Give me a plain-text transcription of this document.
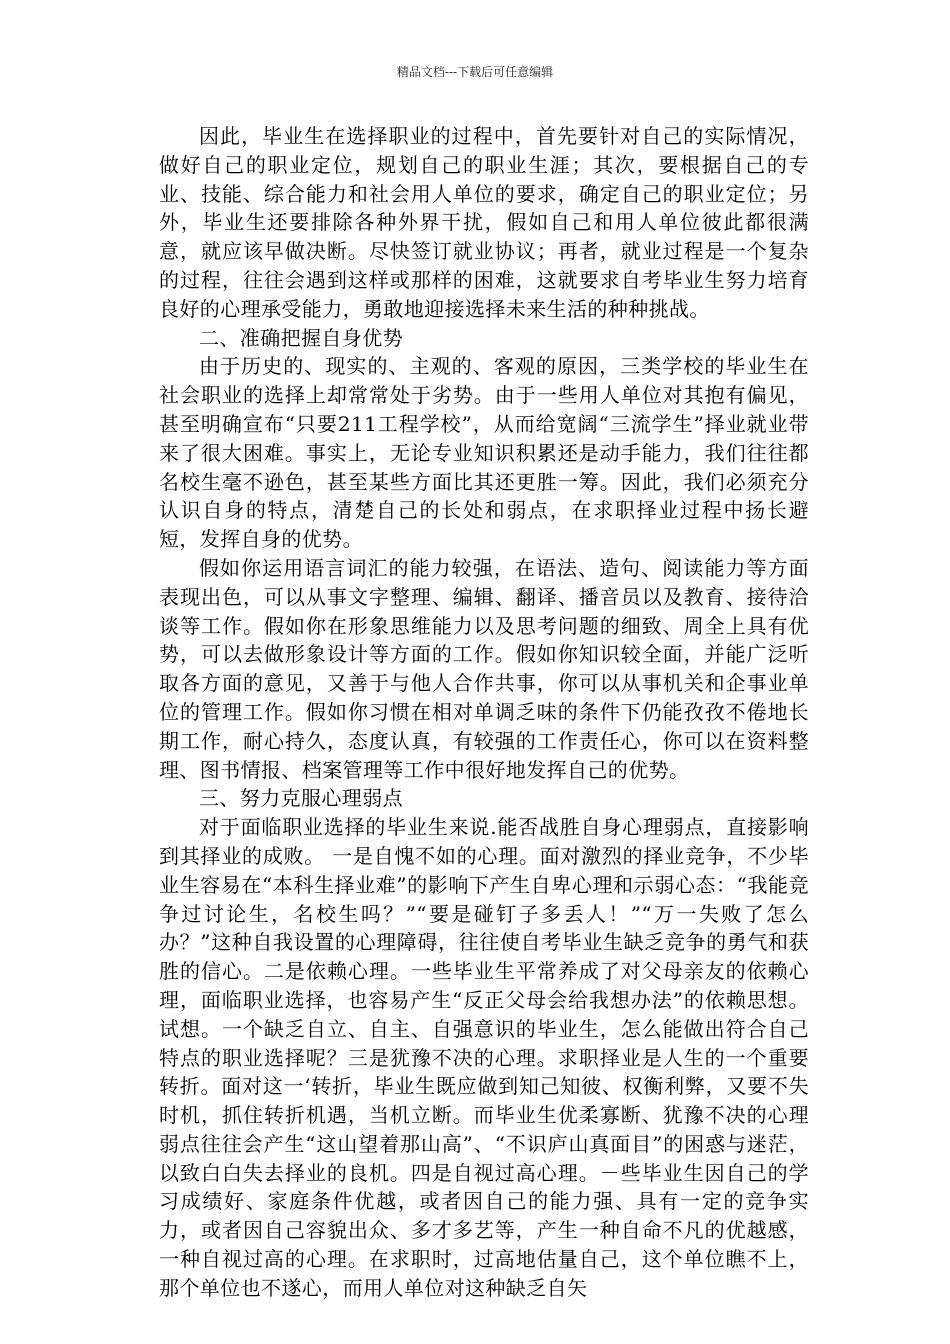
精品文档---下载后可任意编辑

因此，毕业生在选择职业的过程中，首先要针对自己的实际情况，做好自己的职业定位，规划自己的职业生涯；其次，要根据自己的专业、技能、综合能力和社会用人单位的要求，确定自己的职业定位；另外，毕业生还要排除各种外界干扰，假如自己和用人单位彼此都很满意，就应该早做决断。尽快签订就业协议；再者，就业过程是一个复杂的过程，往往会遇到这样或那样的困难，这就要求自考毕业生努力培育良好的心理承受能力，勇敢地迎接选择未来生活的种种挑战。

二、准确把握自身优势

由于历史的、现实的、主观的、客观的原因，三类学校的毕业生在社会职业的选择上却常常处于劣势。由于一些用人单位对其抱有偏见，甚至明确宣布“只要211工程学校”，从而给宽阔“三流学生”择业就业带来了很大困难。事实上，无论专业知识积累还是动手能力，我们往往都名校生毫不逊色，甚至某些方面比其还更胜一筹。因此，我们必须充分认识自身的特点，清楚自己的长处和弱点，在求职择业过程中扬长避短，发挥自身的优势。

假如你运用语言词汇的能力较强，在语法、造句、阅读能力等方面表现出色，可以从事文字整理、编辑、翻译、播音员以及教育、接待洽谈等工作。假如你在形象思维能力以及思考问题的细致、周全上具有优势，可以去做形象设计等方面的工作。假如你知识较全面，并能广泛听取各方面的意见，又善于与他人合作共事，你可以从事机关和企事业单位的管理工作。假如你习惯在相对单调乏味的条件下仍能孜孜不倦地长期工作，耐心持久，态度认真，有较强的工作责任心，你可以在资料整理、图书情报、档案管理等工作中很好地发挥自己的优势。

三、努力克服心理弱点

对于面临职业选择的毕业生来说.能否战胜自身心理弱点，直接影响到其择业的成败。 一是自愧不如的心理。面对激烈的择业竞争，不少毕业生容易在“本科生择业难”的影响下产生自卑心理和示弱心态：“我能竞争过讨论生，名校生吗？”“要是碰钉子多丢人！”“万一失败了怎么办？”这种自我设置的心理障碍，往往使自考毕业生缺乏竞争的勇气和获胜的信心。二是依赖心理。一些毕业生平常养成了对父母亲友的依赖心理，面临职业选择，也容易产生“反正父母会给我想办法”的依赖思想。试想。一个缺乏自立、自主、自强意识的毕业生，怎么能做出符合自己特点的职业选择呢？三是犹豫不决的心理。求职择业是人生的一个重要转折。面对这一‘转折，毕业生既应做到知己知彼、权衡利弊，又要不失时机，抓住转折机遇，当机立断。而毕业生优柔寡断、犹豫不决的心理弱点往往会产生“这山望着那山高”、“不识庐山真面目”的困惑与迷茫，以致白白失去择业的良机。四是自视过高心理。－些毕业生因自己的学习成绩好、家庭条件优越，或者因自己的能力强、具有一定的竞争实力，或者因自己容貌出众、多才多艺等，产生一种自命不凡的优越感，一种自视过高的心理。在求职时，过高地估量自己，这个单位瞧不上，那个单位也不遂心，而用人单位对这种缺乏自矢
